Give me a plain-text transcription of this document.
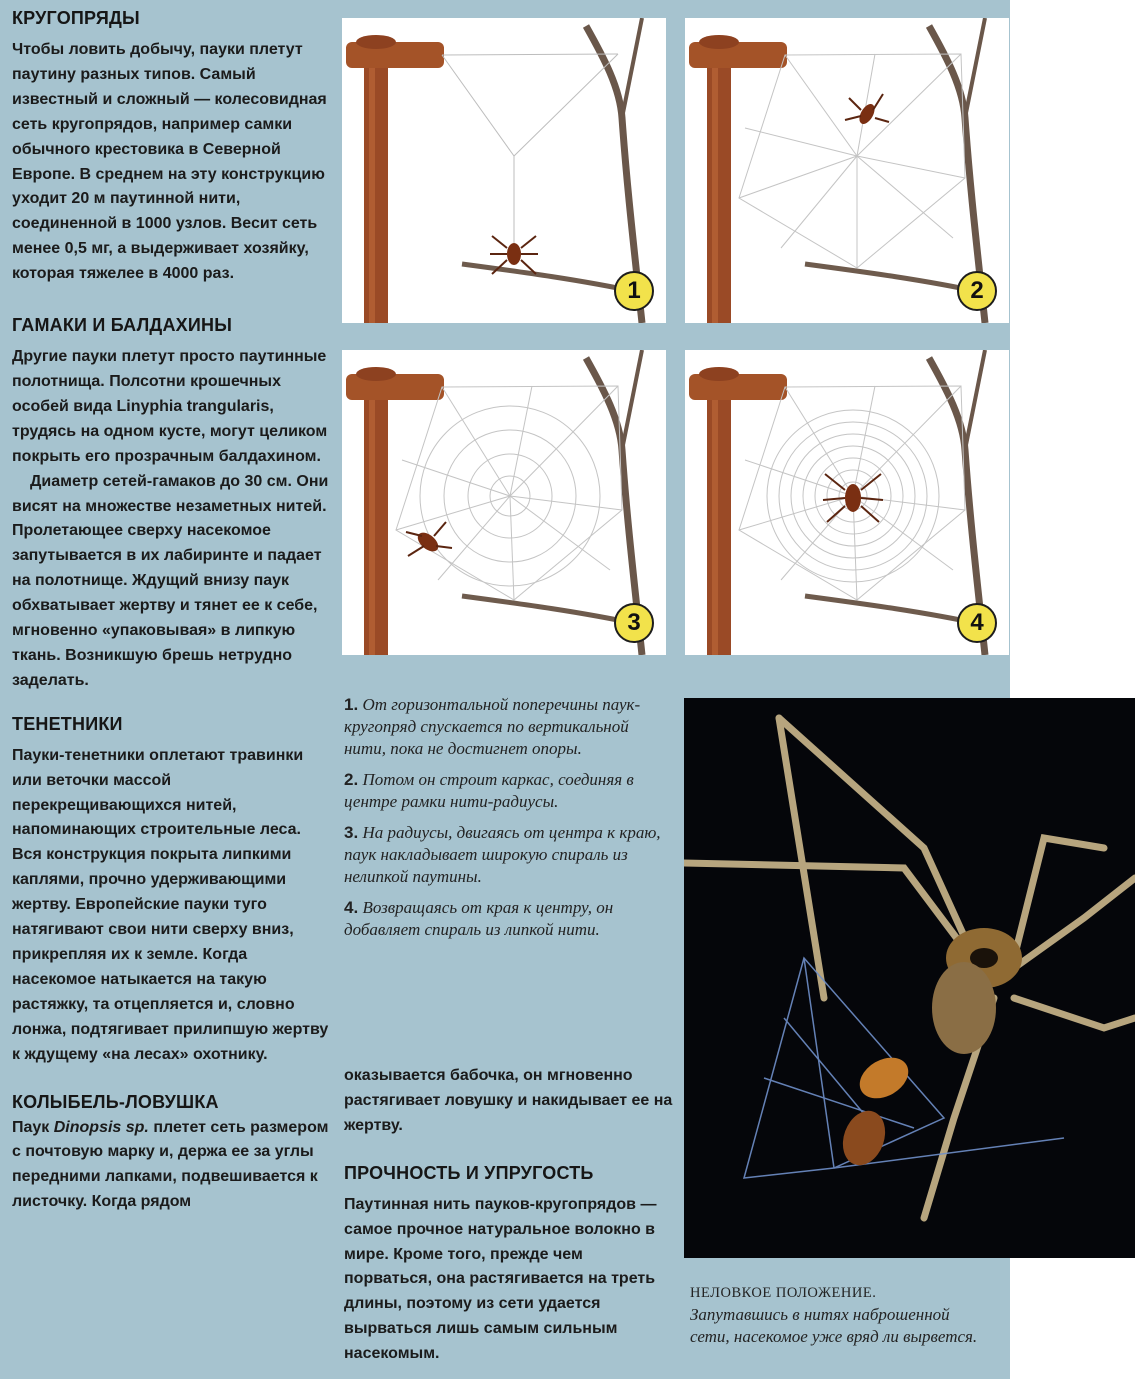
КРУГОПРЯДЫ

Чтобы ловить добычу, пауки плетут паутину разных типов. Самый известный и сложный — колесовидная сеть кругопрядов, например самки обычного крестовика в Северной Европе. В среднем на эту конструкцию уходит 20 м паутинной нити, соединенной в 1000 узлов. Весит сеть менее 0,5 мг, а выдерживает хозяйку, которая тяжелее в 4000 раз.

ГАМАКИ И БАЛДАХИНЫ

Другие пауки плетут просто паутинные полотнища. Полсотни крошечных особей вида Linyphia trangularis, трудясь на одном кусте, могут целиком покрыть его прозрачным балдахином.

Диаметр сетей-гамаков до 30 см. Они висят на множестве незаметных нитей. Пролетающее сверху насекомое запутывается в их лабиринте и падает на полотнище. Ждущий внизу паук обхватывает жертву и тянет ее к себе, мгновенно «упаковывая» в липкую ткань. Возникшую брешь нетрудно заделать.

ТЕНЕТНИКИ

Пауки-тенетники оплетают травинки или веточки массой перекрещивающихся нитей, напоминающих строительные леса. Вся конструкция покрыта липкими каплями, прочно удерживающими жертву. Европейские пауки туго натягивают свои нити сверху вниз, прикрепляя их к земле. Когда насекомое натыкается на такую растяжку, та отцепляется и, словно лонжа, подтягивает прилипшую жертву к ждущему «на лесах» охотнику.

КОЛЫБЕЛЬ-ЛОВУШКА

Паук Dinopsis sp. плетет сеть размером с почтовую марку и, держа ее за углы передними лапками, подвешивается к листочку. Когда рядом

1	2
3	4

1. От горизонтальной поперечины паук-кругопряд спускается по вертикальной нити, пока не достигнет опоры.

2. Потом он строит каркас, соединяя в центре рамки нити-радиусы.

3. На радиусы, двигаясь от центра к краю, паук накладывает широкую спираль из нелипкой паутины.

4. Возвращаясь от края к центру, он добавляет спираль из липкой нити.

оказывается бабочка, он мгновенно растягивает ловушку и накидывает ее на жертву.

ПРОЧНОСТЬ И УПРУГОСТЬ

Паутинная нить пауков-кругопрядов — самое прочное натуральное волокно в мире. Кроме того, прежде чем порваться, она растягивается на треть длины, поэтому из сети удается вырваться лишь самым сильным насекомым.

НЕЛОВКОЕ ПОЛОЖЕНИЕ.
Запутавшись в нитях наброшенной сети, насекомое уже вряд ли вырвется.
